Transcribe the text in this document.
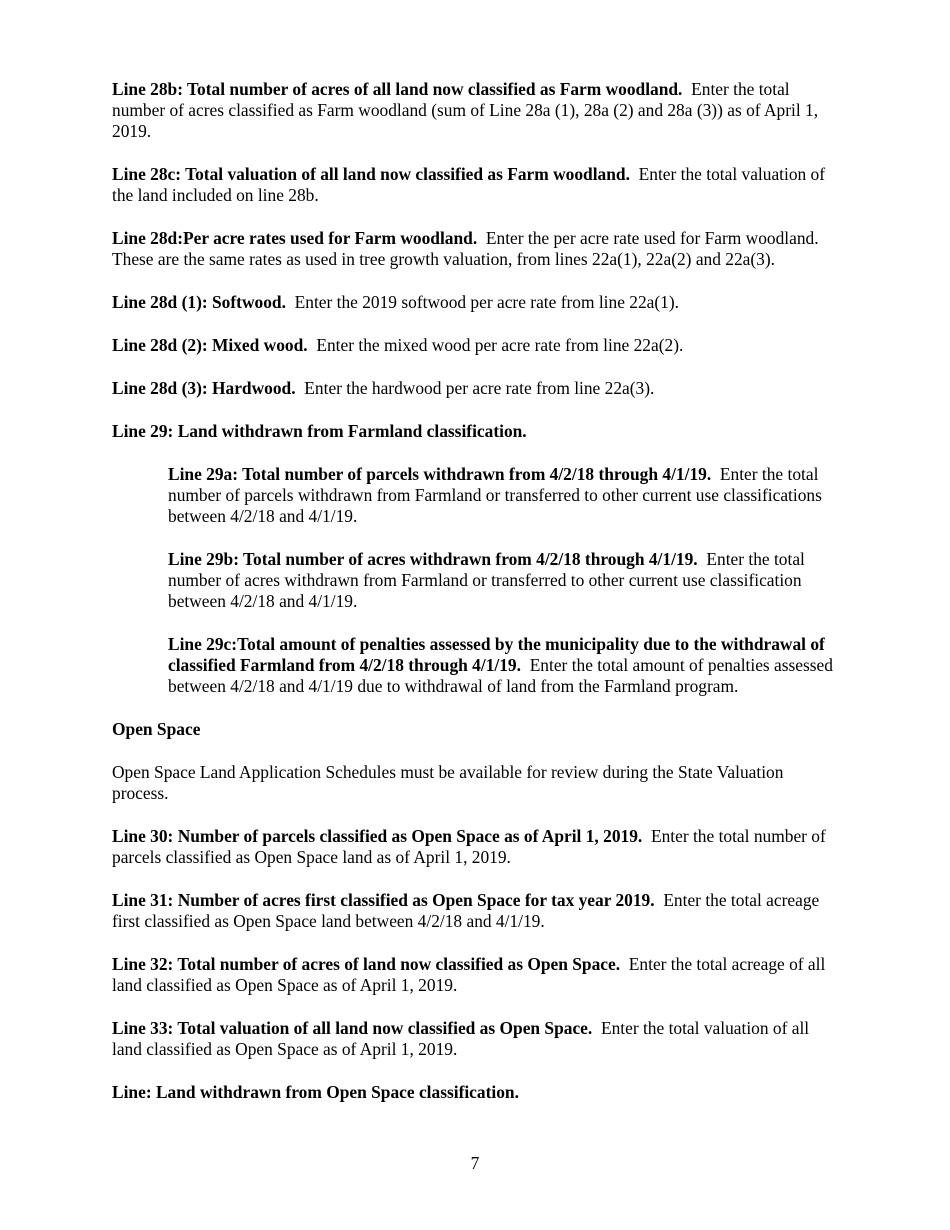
Line 28b: Total number of acres of all land now classified as Farm woodland. Enter the total number of acres classified as Farm woodland (sum of Line 28a (1), 28a (2) and 28a (3)) as of April 1, 2019.

Line 28c: Total valuation of all land now classified as Farm woodland. Enter the total valuation of the land included on line 28b.

Line 28d:Per acre rates used for Farm woodland. Enter the per acre rate used for Farm woodland. These are the same rates as used in tree growth valuation, from lines 22a(1), 22a(2) and 22a(3).

Line 28d (1): Softwood. Enter the 2019 softwood per acre rate from line 22a(1).

Line 28d (2): Mixed wood. Enter the mixed wood per acre rate from line 22a(2).

Line 28d (3): Hardwood. Enter the hardwood per acre rate from line 22a(3).

Line 29: Land withdrawn from Farmland classification.

Line 29a: Total number of parcels withdrawn from 4/2/18 through 4/1/19. Enter the total number of parcels withdrawn from Farmland or transferred to other current use classifications between 4/2/18 and 4/1/19.

Line 29b: Total number of acres withdrawn from 4/2/18 through 4/1/19. Enter the total number of acres withdrawn from Farmland or transferred to other current use classification between 4/2/18 and 4/1/19.

Line 29c:Total amount of penalties assessed by the municipality due to the withdrawal of classified Farmland from 4/2/18 through 4/1/19. Enter the total amount of penalties assessed between 4/2/18 and 4/1/19 due to withdrawal of land from the Farmland program.

Open Space

Open Space Land Application Schedules must be available for review during the State Valuation process.

Line 30: Number of parcels classified as Open Space as of April 1, 2019. Enter the total number of parcels classified as Open Space land as of April 1, 2019.

Line 31: Number of acres first classified as Open Space for tax year 2019. Enter the total acreage first classified as Open Space land between 4/2/18 and 4/1/19.

Line 32: Total number of acres of land now classified as Open Space. Enter the total acreage of all land classified as Open Space as of April 1, 2019.

Line 33: Total valuation of all land now classified as Open Space. Enter the total valuation of all land classified as Open Space as of April 1, 2019.

Line: Land withdrawn from Open Space classification.

7
